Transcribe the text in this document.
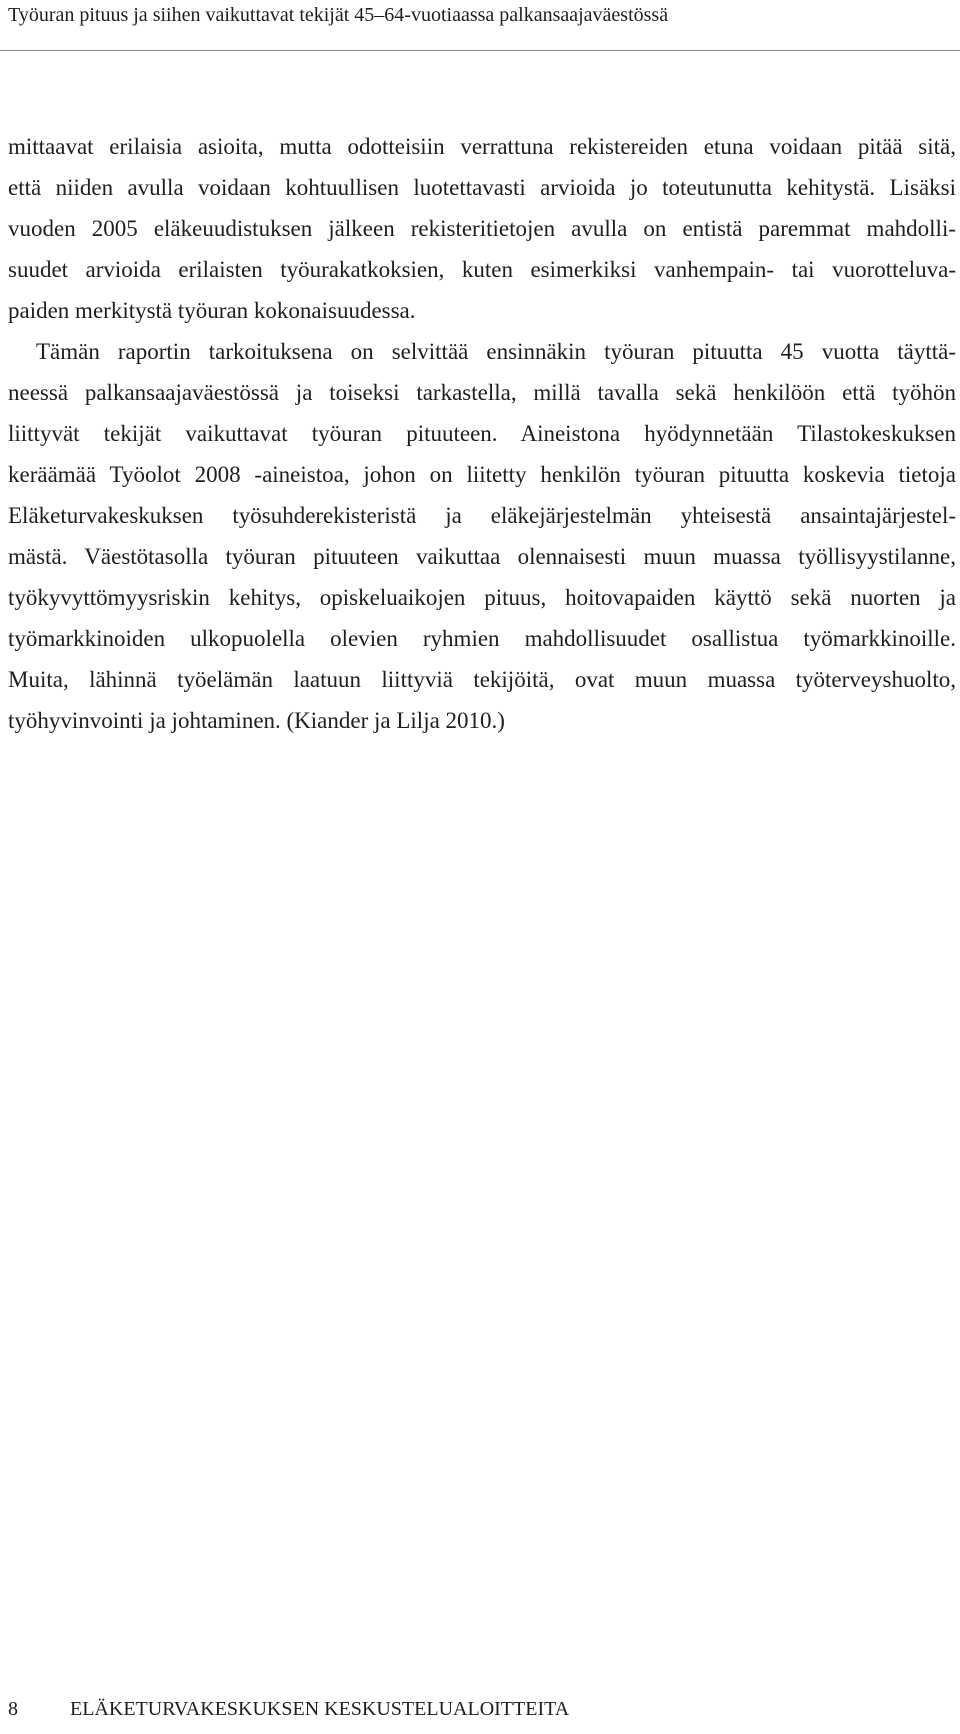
Työuran pituus ja siihen vaikuttavat tekijät 45–64-vuotiaassa palkansaajaväestössä

mittaavat erilaisia asioita, mutta odotteisiin verrattuna rekistereiden etuna voidaan pitää sitä,
että niiden avulla voidaan kohtuullisen luotettavasti arvioida jo toteutunutta kehitystä. Lisäksi
vuoden 2005 eläkeuudistuksen jälkeen rekisteritietojen avulla on entistä paremmat mahdolli-
suudet arvioida erilaisten työurakatkoksien, kuten esimerkiksi vanhempain- tai vuorotteluva-
paiden merkitystä työuran kokonaisuudessa.

Tämän raportin tarkoituksena on selvittää ensinnäkin työuran pituutta 45 vuotta täyttä-
neessä palkansaajaväestössä ja toiseksi tarkastella, millä tavalla sekä henkilöön että työhön
liittyvät tekijät vaikuttavat työuran pituuteen. Aineistona hyödynnetään Tilastokeskuksen
keräämää Työolot 2008 -aineistoa, johon on liitetty henkilön työuran pituutta koskevia tietoja
Eläketurvakeskuksen työsuhderekisteristä ja eläkejärjestelmän yhteisestä ansaintajärjestel-
mästä. Väestötasolla työuran pituuteen vaikuttaa olennaisesti muun muassa työllisyystilanne,
työkyvyttömyysriskin kehitys, opiskeluaikojen pituus, hoitovapaiden käyttö sekä nuorten ja
työmarkkinoiden ulkopuolella olevien ryhmien mahdollisuudet osallistua työmarkkinoille.
Muita, lähinnä työelämän laatuun liittyviä tekijöitä, ovat muun muassa työterveyshuolto,
työhyvinvointi ja johtaminen. (Kiander ja Lilja 2010.)

8	ELÄKETURVAKESKUKSEN KESKUSTELUALOITTEITA
